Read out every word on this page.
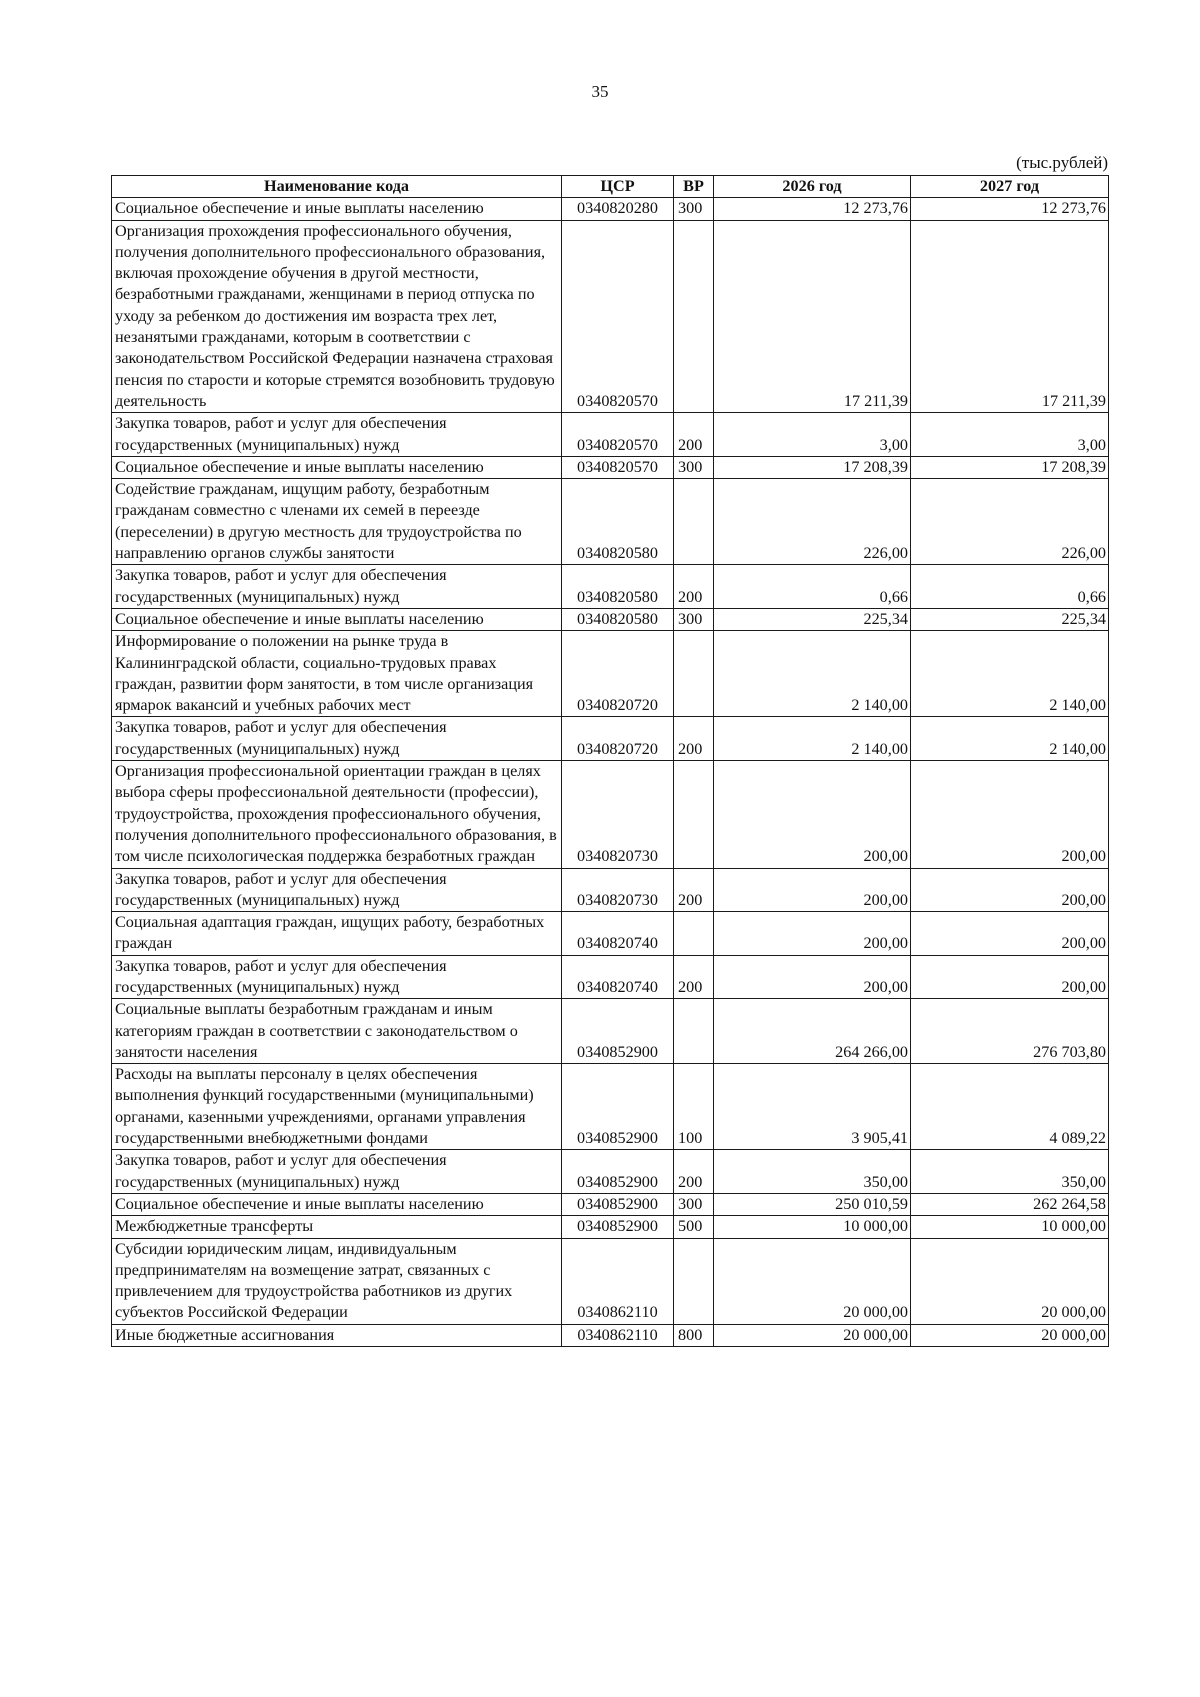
35
(тыс.рублей)
Наименование кода	ЦСР	ВР	2026 год	2027 год
Социальное обеспечение и иные выплаты населению	0340820280	300	12 273,76	12 273,76
Организация прохождения профессионального обучения, получения дополнительного профессионального образования, включая прохождение обучения в другой местности, безработными гражданами, женщинами в период отпуска по уходу за ребенком до достижения им возраста трех лет, незанятыми гражданами, которым в соответствии с законодательством Российской Федерации назначена страховая пенсия по старости и которые стремятся возобновить трудовую деятельность	0340820570		17 211,39	17 211,39
Закупка товаров, работ и услуг для обеспечения государственных (муниципальных) нужд	0340820570	200	3,00	3,00
Социальное обеспечение и иные выплаты населению	0340820570	300	17 208,39	17 208,39
Содействие гражданам, ищущим работу, безработным гражданам совместно с членами их семей в переезде (переселении) в другую местность для трудоустройства по направлению органов службы занятости	0340820580		226,00	226,00
Закупка товаров, работ и услуг для обеспечения государственных (муниципальных) нужд	0340820580	200	0,66	0,66
Социальное обеспечение и иные выплаты населению	0340820580	300	225,34	225,34
Информирование о положении на рынке труда в Калининградской области, социально-трудовых правах граждан, развитии форм занятости, в том числе организация ярмарок вакансий и учебных рабочих мест	0340820720		2 140,00	2 140,00
Закупка товаров, работ и услуг для обеспечения государственных (муниципальных) нужд	0340820720	200	2 140,00	2 140,00
Организация профессиональной ориентации граждан в целях выбора сферы профессиональной деятельности (профессии), трудоустройства, прохождения профессионального обучения, получения дополнительного профессионального образования, в том числе психологическая поддержка безработных граждан	0340820730		200,00	200,00
Закупка товаров, работ и услуг для обеспечения государственных (муниципальных) нужд	0340820730	200	200,00	200,00
Социальная адаптация граждан, ищущих работу, безработных граждан	0340820740		200,00	200,00
Закупка товаров, работ и услуг для обеспечения государственных (муниципальных) нужд	0340820740	200	200,00	200,00
Социальные выплаты безработным гражданам и иным категориям граждан в соответствии с законодательством о занятости населения	0340852900		264 266,00	276 703,80
Расходы на выплаты персоналу в целях обеспечения выполнения функций государственными (муниципальными) органами, казенными учреждениями, органами управления государственными внебюджетными фондами	0340852900	100	3 905,41	4 089,22
Закупка товаров, работ и услуг для обеспечения государственных (муниципальных) нужд	0340852900	200	350,00	350,00
Социальное обеспечение и иные выплаты населению	0340852900	300	250 010,59	262 264,58
Межбюджетные трансферты	0340852900	500	10 000,00	10 000,00
Субсидии юридическим лицам, индивидуальным предпринимателям на возмещение затрат, связанных с привлечением для трудоустройства работников из других субъектов Российской Федерации	0340862110		20 000,00	20 000,00
Иные бюджетные ассигнования	0340862110	800	20 000,00	20 000,00
